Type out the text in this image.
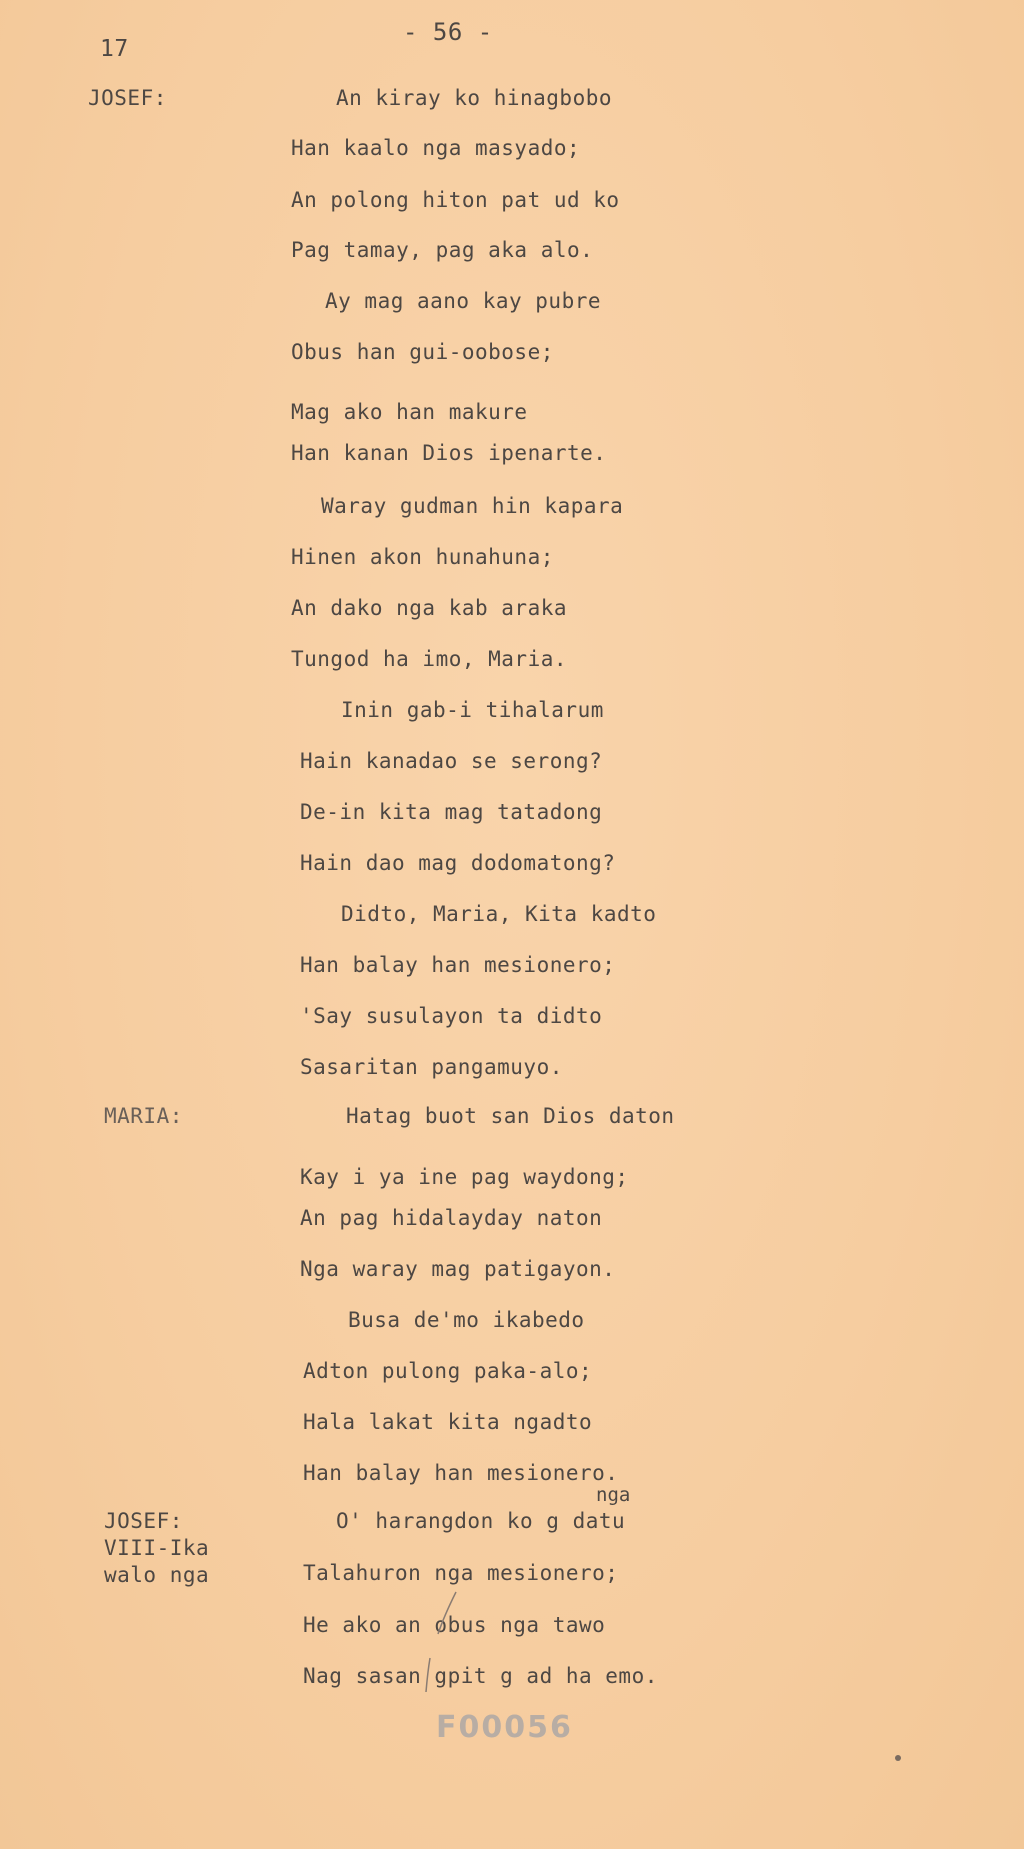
- 56 -
17
JOSEF:
MARIA:
JOSEF:
VIII-Ika
walo nga
An kiray ko hinagbobo
Han kaalo nga masyado;
An polong hiton pat ud ko
Pag tamay, pag aka alo.
Ay mag aano kay pubre
Obus han gui-oobose;
Mag ako han makure
Han kanan Dios ipenarte.
Waray gudman hin kapara
Hinen akon hunahuna;
An dako nga kab araka
Tungod ha imo, Maria.
Inin gab-i tihalarum
Hain kanadao se serong?
De-in kita mag tatadong
Hain dao mag dodomatong?
Didto, Maria, Kita kadto
Han balay han mesionero;
'Say susulayon ta didto
Sasaritan pangamuyo.
Hatag buot san Dios daton
Kay i ya ine pag waydong;
An pag hidalayday naton
Nga waray mag patigayon.
Busa de'mo ikabedo
Adton pulong paka-alo;
Hala lakat kita ngadto
Han balay han mesionero.
nga
O' harangdon ko g datu
Talahuron nga mesionero;
He ako an obus nga tawo
Nag sasan gpit g ad ha emo.
F00056
